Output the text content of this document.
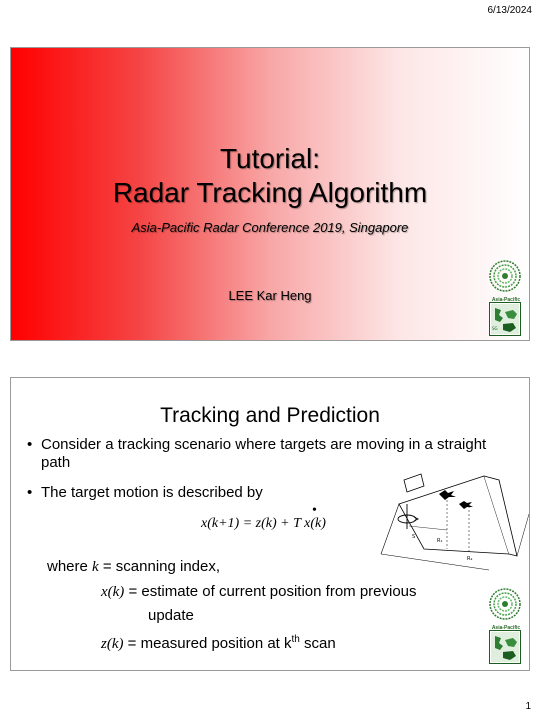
6/13/2024
Tutorial:
Radar Tracking Algorithm
Asia-Pacific Radar Conference 2019, Singapore
LEE Kar Heng	Asia-Pacific
SG
Tracking and Prediction
• Consider a tracking scenario where targets are moving in a straight path
• The target motion is described by
x(k+1) = z(k) + T x(k)
•
where k = scanning index,
x(k) = estimate of current position from previous
update
z(k) = measured position at $k^{th}$ scan
S
R₁
R₂
Asia-Pacific
1
